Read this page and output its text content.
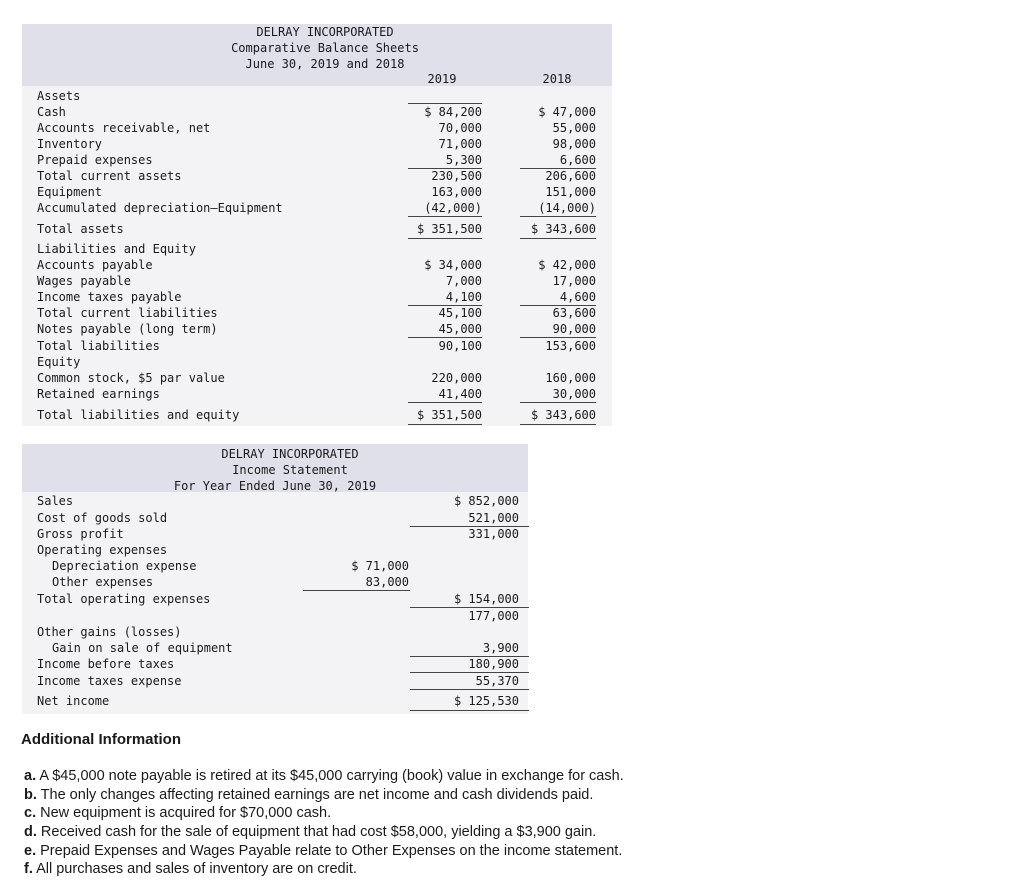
DELRAY INCORPORATED
Comparative Balance Sheets
June 30, 2019 and 2018
2019	2018
Assets
Cash	$ 84,200	$ 47,000
Accounts receivable, net	70,000	55,000
Inventory	71,000	98,000
Prepaid expenses	5,300	6,600
Total current assets	230,500	206,600
Equipment	163,000	151,000
Accumulated depreciation—Equipment	(42,000)	(14,000)
Total assets	$ 351,500	$ 343,600
Liabilities and Equity
Accounts payable	$ 34,000	$ 42,000
Wages payable	7,000	17,000
Income taxes payable	4,100	4,600
Total current liabilities	45,100	63,600
Notes payable (long term)	45,000	90,000
Total liabilities	90,100	153,600
Equity
Common stock, $5 par value	220,000	160,000
Retained earnings	41,400	30,000
Total liabilities and equity	$ 351,500	$ 343,600
DELRAY INCORPORATED
Income Statement
For Year Ended June 30, 2019
Sales	$ 852,000
Cost of goods sold	521,000
Gross profit	331,000
Operating expenses
Depreciation expense	$ 71,000
Other expenses	83,000
Total operating expenses	$ 154,000
177,000
Other gains (losses)
Gain on sale of equipment	3,900
Income before taxes	180,900
Income taxes expense	55,370
Net income	$ 125,530
Additional Information
a. A $45,000 note payable is retired at its $45,000 carrying (book) value in exchange for cash.
b. The only changes affecting retained earnings are net income and cash dividends paid.
c. New equipment is acquired for $70,000 cash.
d. Received cash for the sale of equipment that had cost $58,000, yielding a $3,900 gain.
e. Prepaid Expenses and Wages Payable relate to Other Expenses on the income statement.
f. All purchases and sales of inventory are on credit.
